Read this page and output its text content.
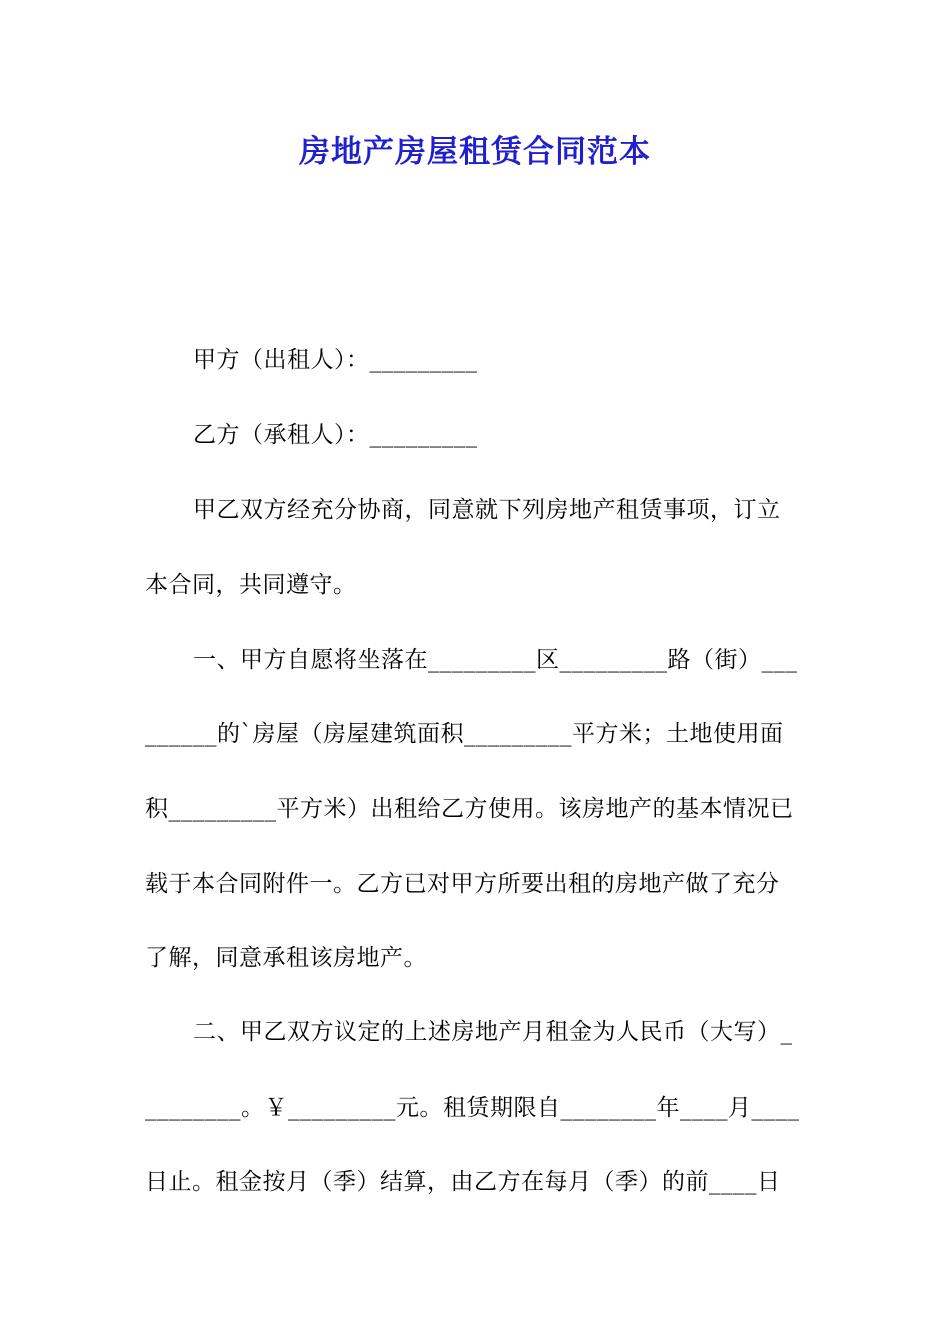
房地产房屋租赁合同范本
甲方（出租人）：_________
乙方（承租人）：_________
甲乙双方经充分协商，同意就下列房地产租赁事项，订立
本合同，共同遵守。
一、甲方自愿将坐落在_________区_________路（街）___
______的`房屋（房屋建筑面积_________平方米；土地使用面
积_________平方米）出租给乙方使用。该房地产的基本情况已
载于本合同附件一。乙方已对甲方所要出租的房地产做了充分
了解，同意承租该房地产。
二、甲乙双方议定的上述房地产月租金为人民币（大写）_
________。￥_________元。租赁期限自________年____月____
日止。租金按月（季）结算，由乙方在每月（季）的前____日
